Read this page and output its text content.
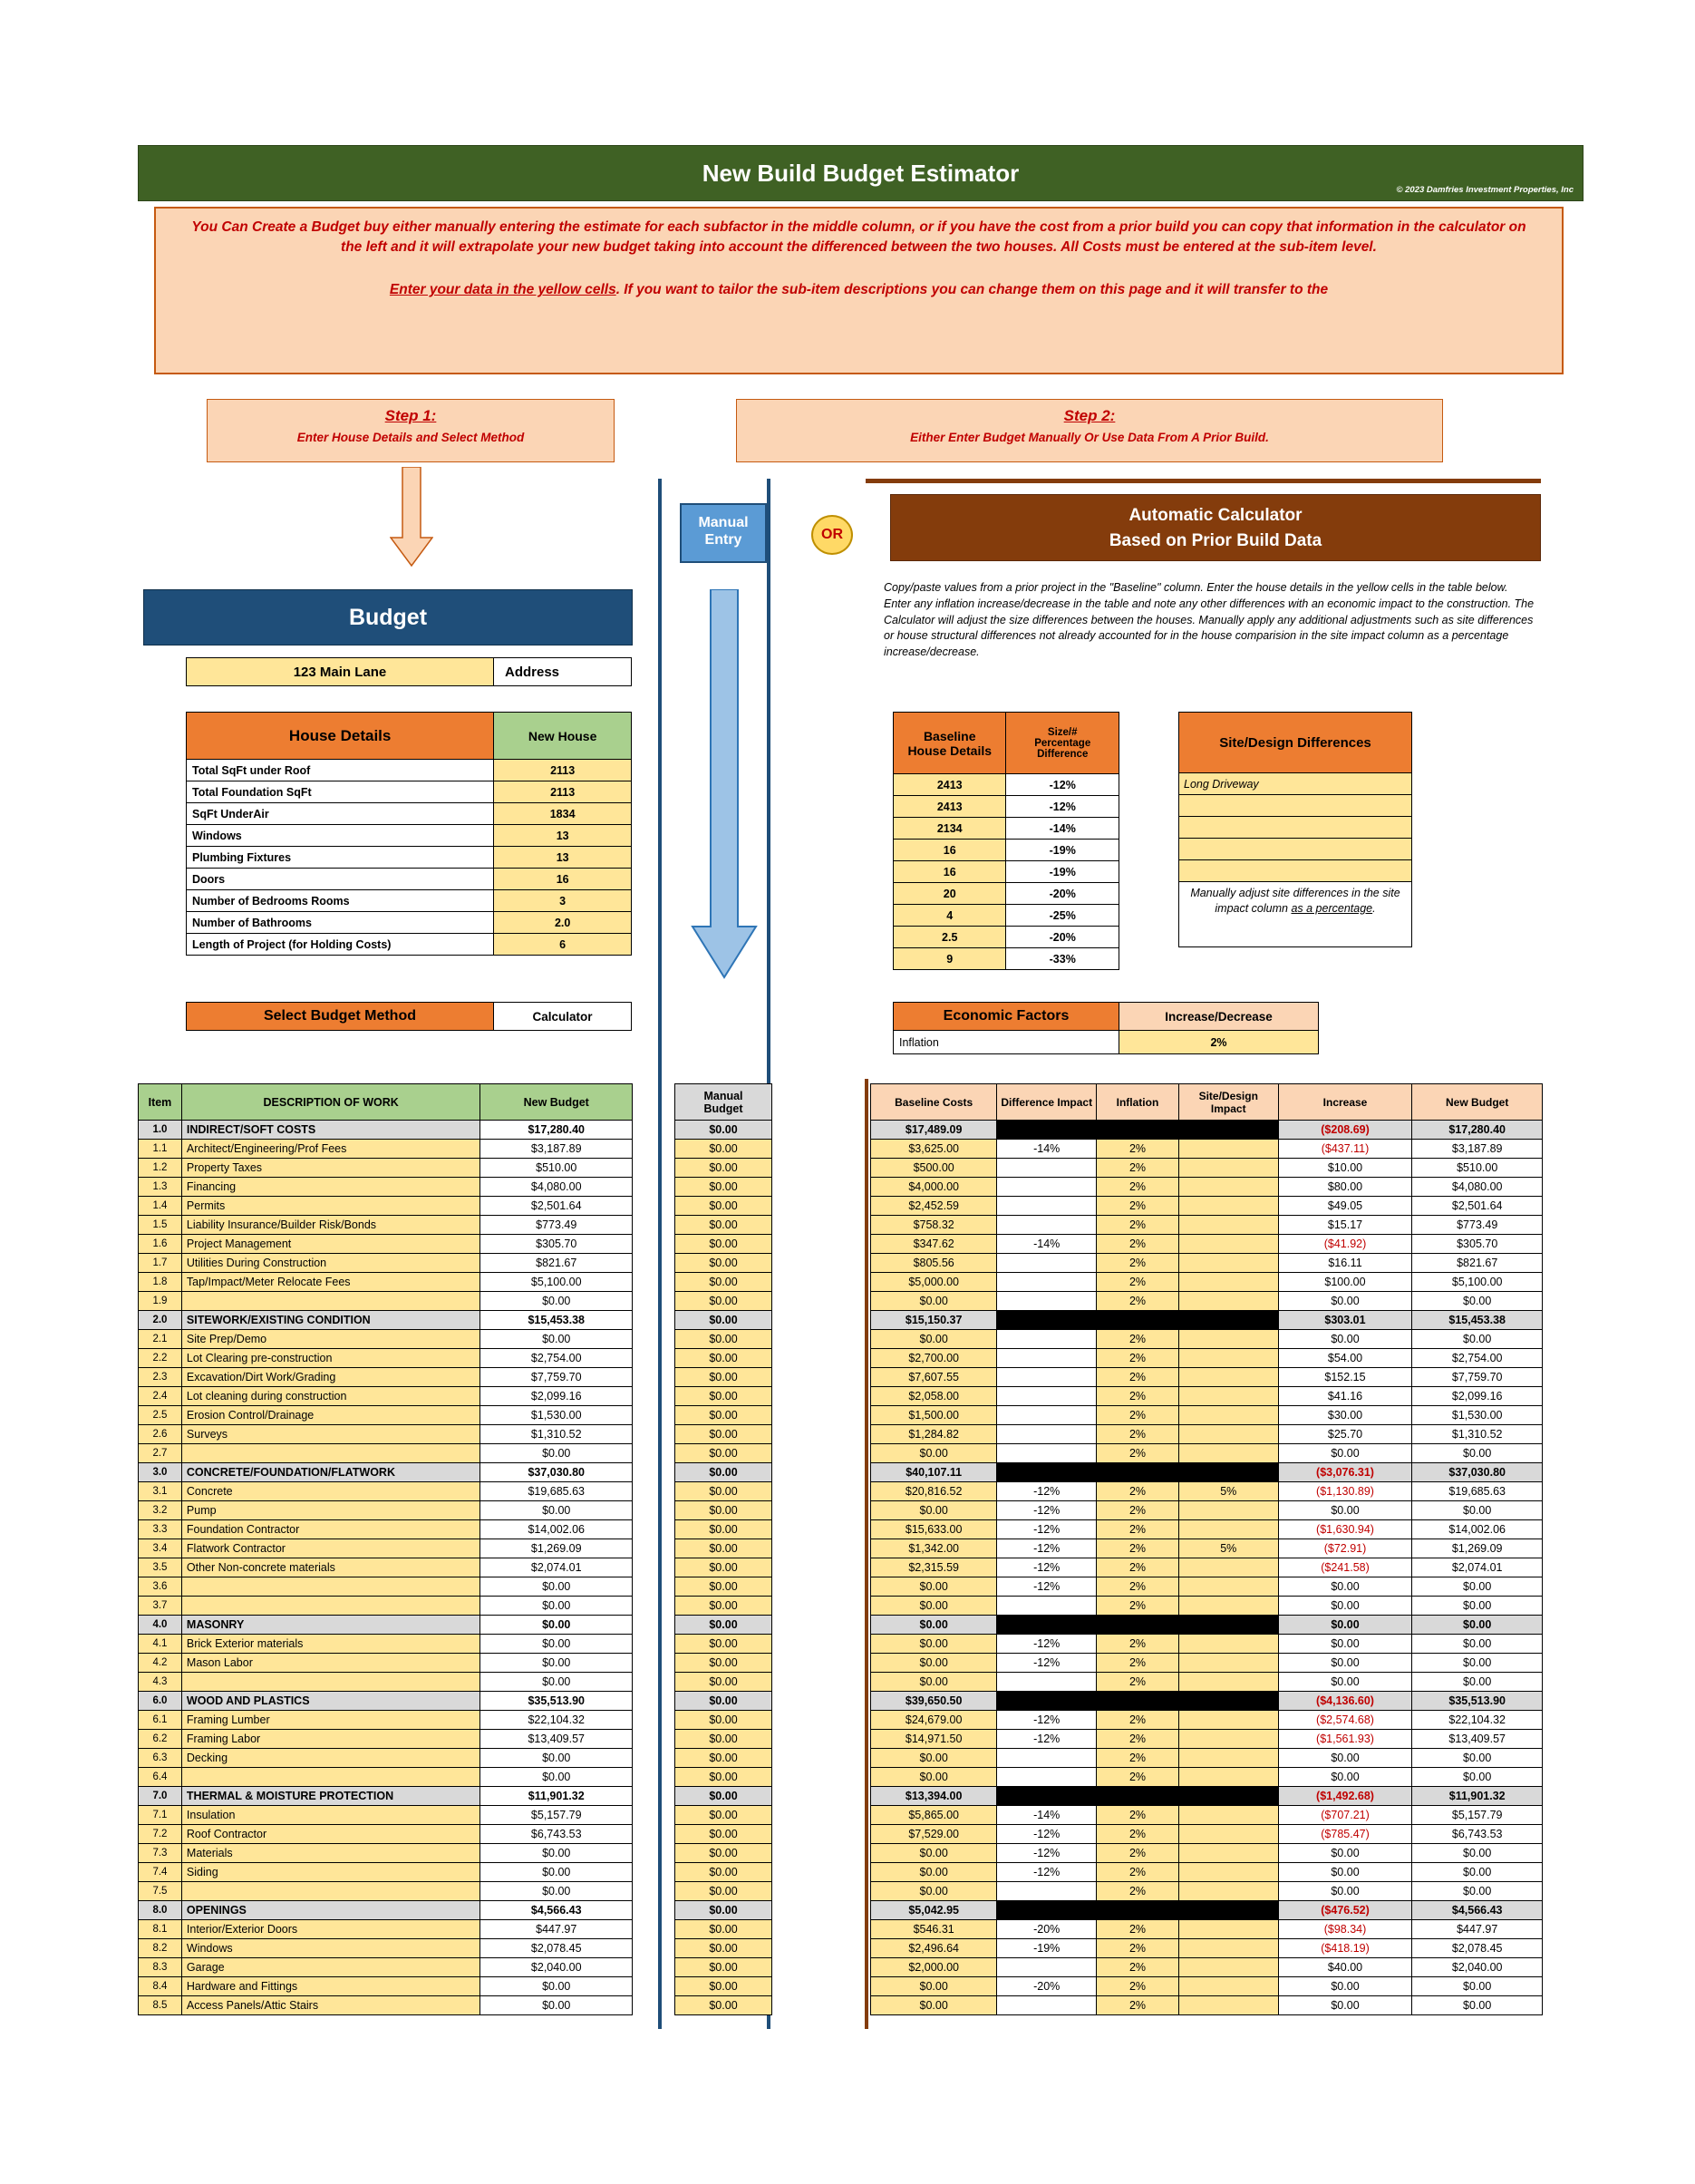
New Build Budget Estimator
© 2023 Damfries Investment Properties, Inc

You Can Create a Budget buy either manually entering the estimate for each subfactor in the middle column, or if you have the cost from a prior build you can copy that information in the calculator on the left and it will extrapolate your new budget taking into account the differenced between the two houses. All Costs must be entered at the sub-item level.

Enter your data in the yellow cells. If you want to tailor the sub-item descriptions you can change them on this page and it will transfer to the

Step 1:
Enter House Details and Select Method
Step 2:
Either Enter Budget Manually Or Use Data From A Prior Build.
Budget
123 Main Lane	Address
House Details	New House
Total SqFt under Roof	2113
Total Foundation SqFt	2113
SqFt UnderAir	1834
Windows	13
Plumbing Fixtures	13
Doors	16
Number of Bedrooms Rooms	3
Number of Bathrooms	2.0
Length of Project (for Holding Costs)	6
Select Budget Method	Calculator
Manual
Entry	OR
Automatic Calculator
Based on Prior Build Data
Copy/paste values from a prior project in the "Baseline" column. Enter the house details in the yellow cells in the table below. Enter any inflation increase/decrease in the table and note any other differences with an economic impact to the construction. The Calculator will adjust the size differences between the houses. Manually apply any additional adjustments such as site differences or house structural differences not already accounted for in the house comparision in the site impact column as a percentage increase/decrease.
Baseline
House Details

Size/#
Percentage
Difference

2413	-12%
2413	-12%
2134	-14%
16	-19%
16	-19%
20	-20%
4	-25%
2.5	-20%
9	-33%
Site/Design Differences
Long Driveway
Manually adjust site differences in the site impact column as a percentage.
Economic Factors	Increase/Decrease
Inflation	2%
Item	DESCRIPTION OF WORK	New Budget
1.0	INDIRECT/SOFT COSTS	$17,280.40
1.1	Architect/Engineering/Prof Fees	$3,187.89
1.2	Property Taxes	$510.00
1.3	Financing	$4,080.00
1.4	Permits	$2,501.64
1.5	Liability Insurance/Builder Risk/Bonds	$773.49
1.6	Project Management	$305.70
1.7	Utilities During Construction	$821.67
1.8	Tap/Impact/Meter Relocate Fees	$5,100.00
1.9		$0.00
2.0	SITEWORK/EXISTING CONDITION	$15,453.38
2.1	Site Prep/Demo	$0.00
2.2	Lot Clearing pre-construction	$2,754.00
2.3	Excavation/Dirt Work/Grading	$7,759.70
2.4	Lot cleaning during construction	$2,099.16
2.5	Erosion Control/Drainage	$1,530.00
2.6	Surveys	$1,310.52
2.7		$0.00
3.0	CONCRETE/FOUNDATION/FLATWORK	$37,030.80
3.1	Concrete	$19,685.63
3.2	Pump	$0.00
3.3	Foundation Contractor	$14,002.06
3.4	Flatwork Contractor	$1,269.09
3.5	Other Non-concrete materials	$2,074.01
3.6		$0.00
3.7		$0.00
4.0	MASONRY	$0.00
4.1	Brick Exterior materials	$0.00
4.2	Mason Labor	$0.00
4.3		$0.00
6.0	WOOD AND PLASTICS	$35,513.90
6.1	Framing Lumber	$22,104.32
6.2	Framing Labor	$13,409.57
6.3	Decking	$0.00
6.4		$0.00
7.0	THERMAL & MOISTURE PROTECTION	$11,901.32
7.1	Insulation	$5,157.79
7.2	Roof Contractor	$6,743.53
7.3	Materials	$0.00
7.4	Siding	$0.00
7.5		$0.00
8.0	OPENINGS	$4,566.43
8.1	Interior/Exterior Doors	$447.97
8.2	Windows	$2,078.45
8.3	Garage	$2,040.00
8.4	Hardware and Fittings	$0.00
8.5	Access Panels/Attic Stairs	$0.00
Manual
Budget

$0.00
$0.00
$0.00
$0.00
$0.00
$0.00
$0.00
$0.00
$0.00
$0.00
$0.00
$0.00
$0.00
$0.00
$0.00
$0.00
$0.00
$0.00
$0.00
$0.00
$0.00
$0.00
$0.00
$0.00
$0.00
$0.00
$0.00
$0.00
$0.00
$0.00
$0.00
$0.00
$0.00
$0.00
$0.00
$0.00
$0.00
$0.00
$0.00
$0.00
$0.00
$0.00
$0.00
$0.00
$0.00
$0.00
$0.00
Baseline Costs	Difference Impact	Inflation	Site/Design Impact	Increase	New Budget
$17,489.09				($208.69)	$17,280.40
$3,625.00	-14%	2%		($437.11)	$3,187.89
$500.00		2%		$10.00	$510.00
$4,000.00		2%		$80.00	$4,080.00
$2,452.59		2%		$49.05	$2,501.64
$758.32		2%		$15.17	$773.49
$347.62	-14%	2%		($41.92)	$305.70
$805.56		2%		$16.11	$821.67
$5,000.00		2%		$100.00	$5,100.00
$0.00		2%		$0.00	$0.00
$15,150.37				$303.01	$15,453.38
$0.00		2%		$0.00	$0.00
$2,700.00		2%		$54.00	$2,754.00
$7,607.55		2%		$152.15	$7,759.70
$2,058.00		2%		$41.16	$2,099.16
$1,500.00		2%		$30.00	$1,530.00
$1,284.82		2%		$25.70	$1,310.52
$0.00		2%		$0.00	$0.00
$40,107.11				($3,076.31)	$37,030.80
$20,816.52	-12%	2%	5%	($1,130.89)	$19,685.63
$0.00	-12%	2%		$0.00	$0.00
$15,633.00	-12%	2%		($1,630.94)	$14,002.06
$1,342.00	-12%	2%	5%	($72.91)	$1,269.09
$2,315.59	-12%	2%		($241.58)	$2,074.01
$0.00	-12%	2%		$0.00	$0.00
$0.00		2%		$0.00	$0.00
$0.00				$0.00	$0.00
$0.00	-12%	2%		$0.00	$0.00
$0.00	-12%	2%		$0.00	$0.00
$0.00		2%		$0.00	$0.00
$39,650.50				($4,136.60)	$35,513.90
$24,679.00	-12%	2%		($2,574.68)	$22,104.32
$14,971.50	-12%	2%		($1,561.93)	$13,409.57
$0.00		2%		$0.00	$0.00
$0.00		2%		$0.00	$0.00
$13,394.00				($1,492.68)	$11,901.32
$5,865.00	-14%	2%		($707.21)	$5,157.79
$7,529.00	-12%	2%		($785.47)	$6,743.53
$0.00	-12%	2%		$0.00	$0.00
$0.00	-12%	2%		$0.00	$0.00
$0.00		2%		$0.00	$0.00
$5,042.95				($476.52)	$4,566.43
$546.31	-20%	2%		($98.34)	$447.97
$2,496.64	-19%	2%		($418.19)	$2,078.45
$2,000.00		2%		$40.00	$2,040.00
$0.00	-20%	2%		$0.00	$0.00
$0.00		2%		$0.00	$0.00
